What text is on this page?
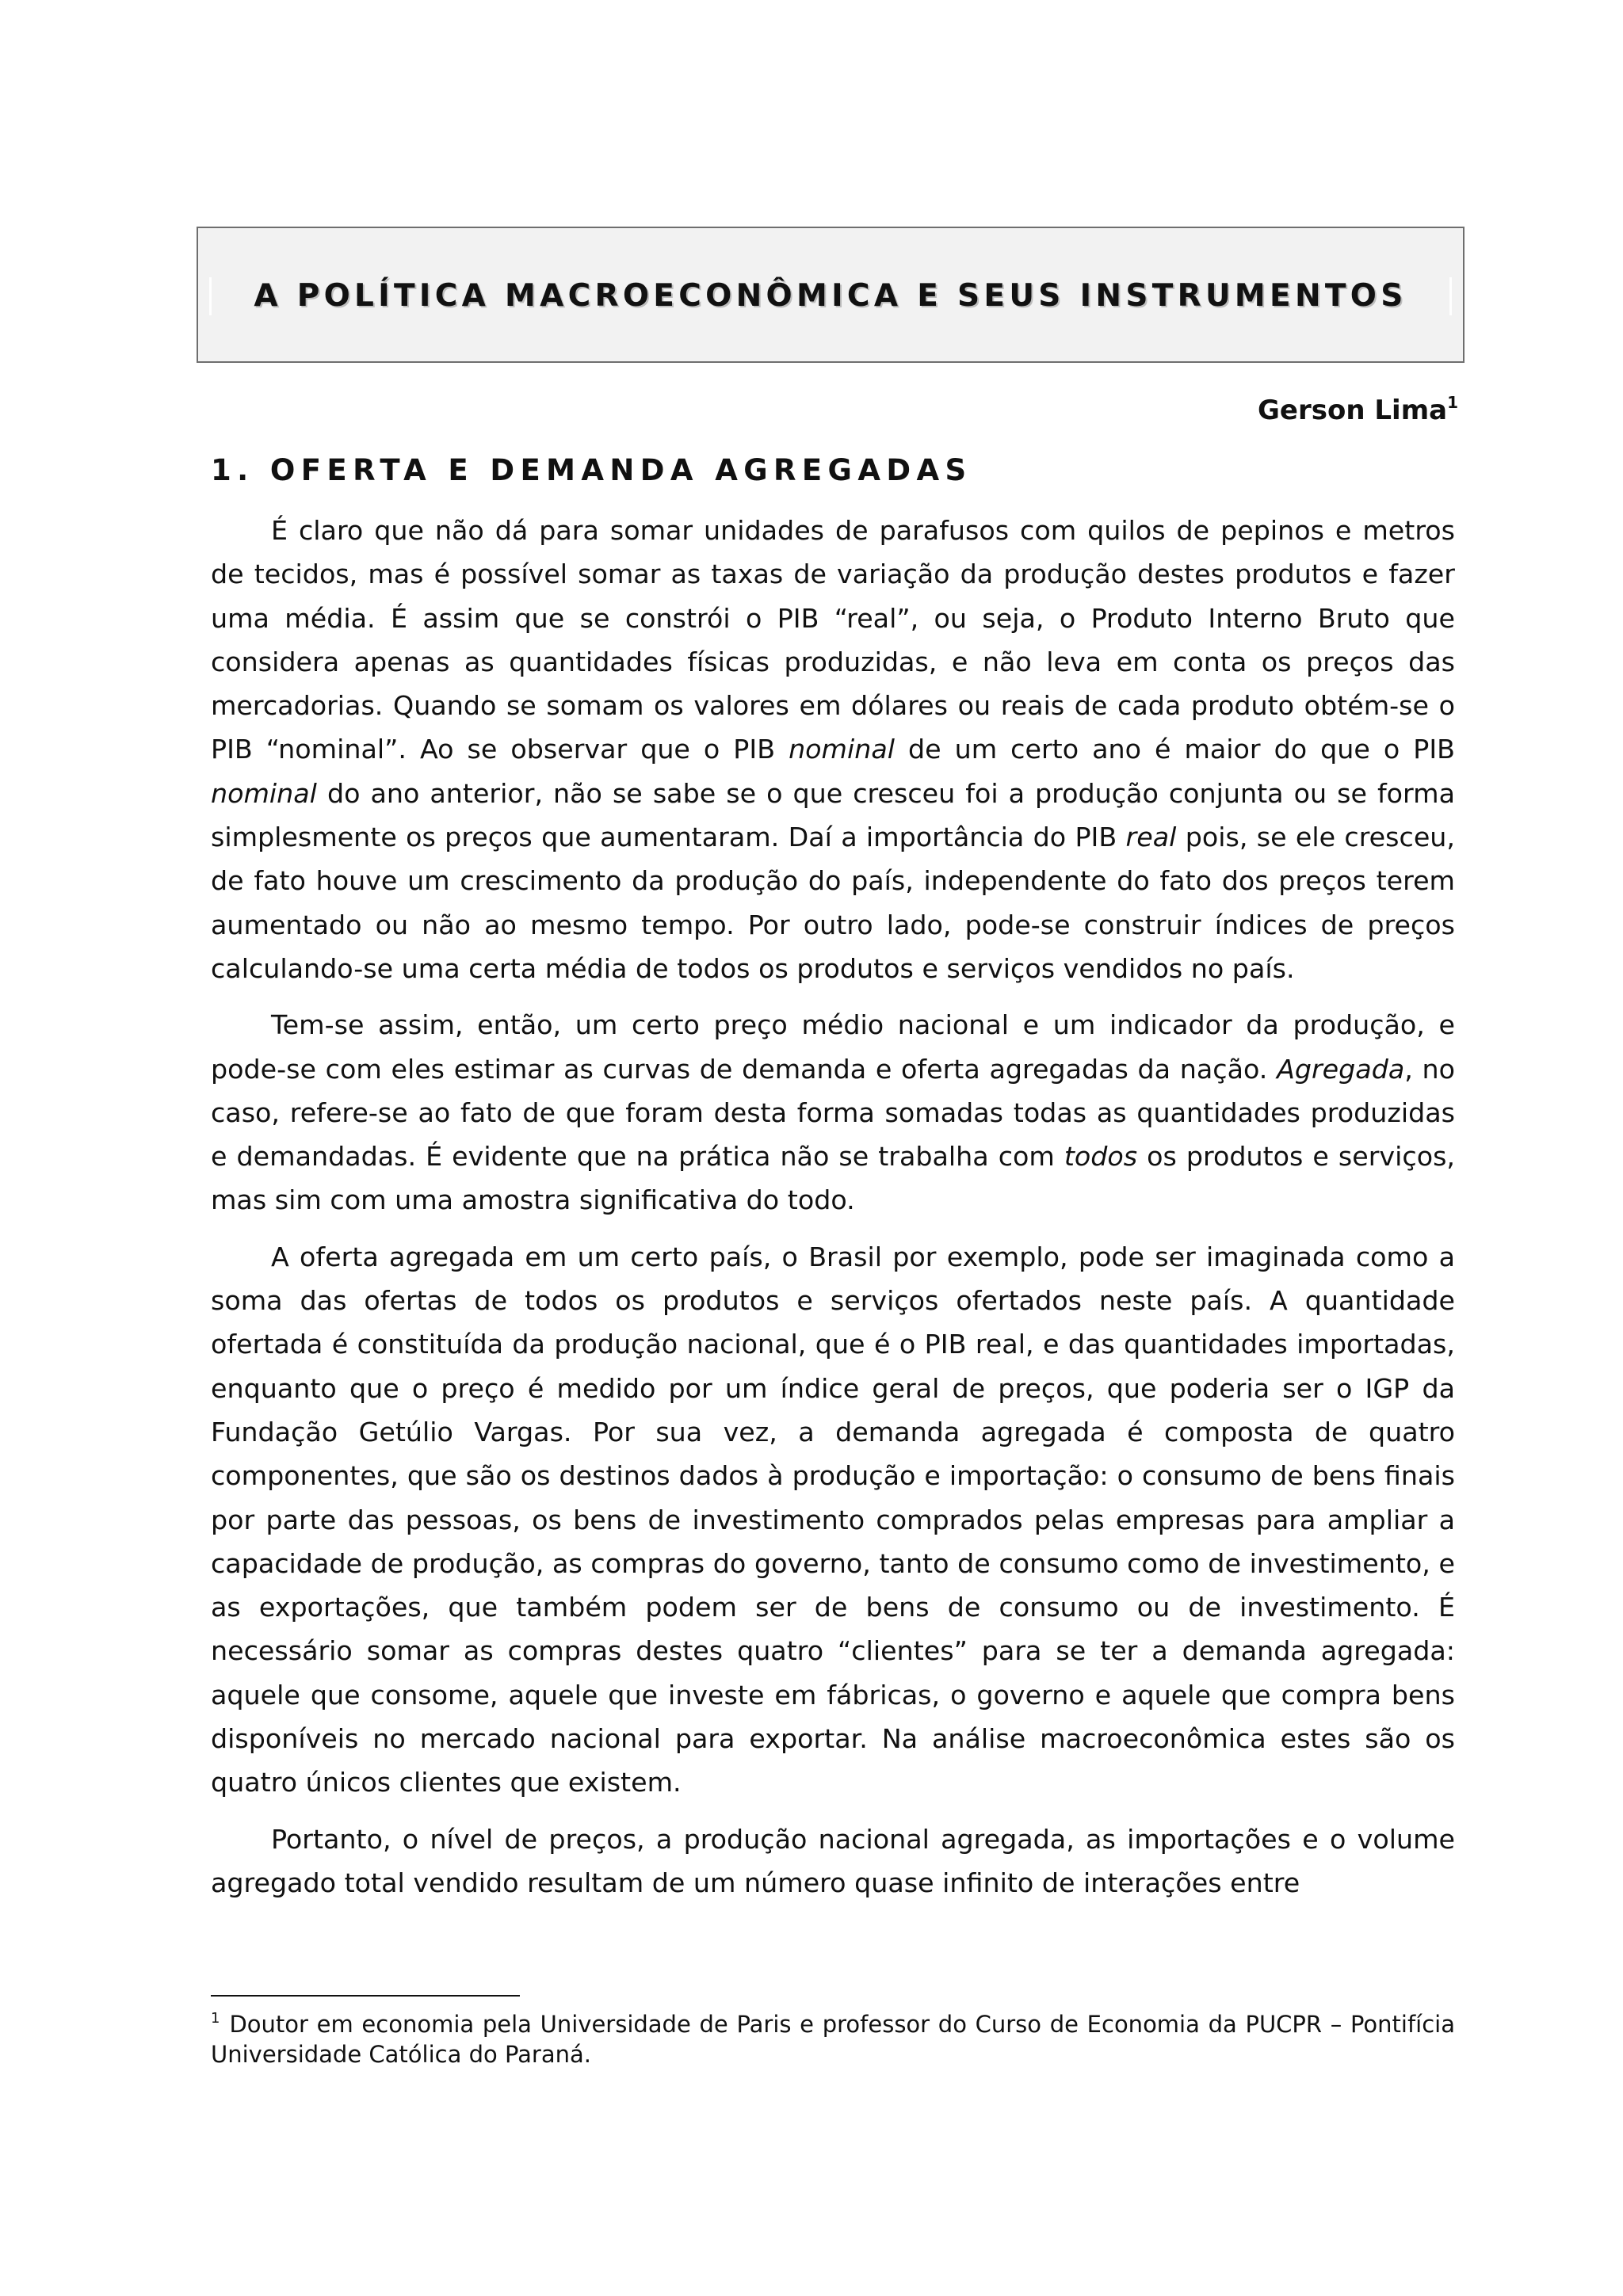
A POLÍTICA MACROECONÔMICA E SEUS INSTRUMENTOS
Gerson Lima$^1$
1. OFERTA E DEMANDA AGREGADAS

É claro que não dá para somar unidades de parafusos com quilos de pepinos e metros de tecidos, mas é possível somar as taxas de variação da produção destes produtos e fazer uma média. É assim que se constrói o PIB “real”, ou seja, o Produto Interno Bruto que considera apenas as quantidades físicas produzidas, e não leva em conta os preços das mercadorias. Quando se somam os valores em dólares ou reais de cada produto obtém-se o PIB “nominal”. Ao se observar que o PIB nominal de um certo ano é maior do que o PIB nominal do ano anterior, não se sabe se o que cresceu foi a produção conjunta ou se forma simplesmente os preços que aumentaram. Daí a importância do PIB real pois, se ele cresceu, de fato houve um crescimento da produção do país, independente do fato dos preços terem aumentado ou não ao mesmo tempo. Por outro lado, pode-se construir índices de preços calculando-se uma certa média de todos os produtos e serviços vendidos no país.

Tem-se assim, então, um certo preço médio nacional e um indicador da produção, e pode-se com eles estimar as curvas de demanda e oferta agregadas da nação. Agregada, no caso, refere-se ao fato de que foram desta forma somadas todas as quantidades produzidas e demandadas. É evidente que na prática não se trabalha com todos os produtos e serviços, mas sim com uma amostra significativa do todo.

A oferta agregada em um certo país, o Brasil por exemplo, pode ser imaginada como a soma das ofertas de todos os produtos e serviços ofertados neste país. A quantidade ofertada é constituída da produção nacional, que é o PIB real, e das quantidades importadas, enquanto que o preço é medido por um índice geral de preços, que poderia ser o IGP da Fundação Getúlio Vargas. Por sua vez, a demanda agregada é composta de quatro componentes, que são os destinos dados à produção e importação: o consumo de bens finais por parte das pessoas, os bens de investimento comprados pelas empresas para ampliar a capacidade de produção, as compras do governo, tanto de consumo como de investimento, e as exportações, que também podem ser de bens de consumo ou de investimento. É necessário somar as compras destes quatro “clientes” para se ter a demanda agregada: aquele que consome, aquele que investe em fábricas, o governo e aquele que compra bens disponíveis no mercado nacional para exportar. Na análise macroeconômica estes são os quatro únicos clientes que existem.

Portanto, o nível de preços, a produção nacional agregada, as importações e o volume agregado total vendido resultam de um número quase infinito de interações entre

$^1$ Doutor em economia pela Universidade de Paris e professor do Curso de Economia da PUCPR – Pontifícia Universidade Católica do Paraná.
